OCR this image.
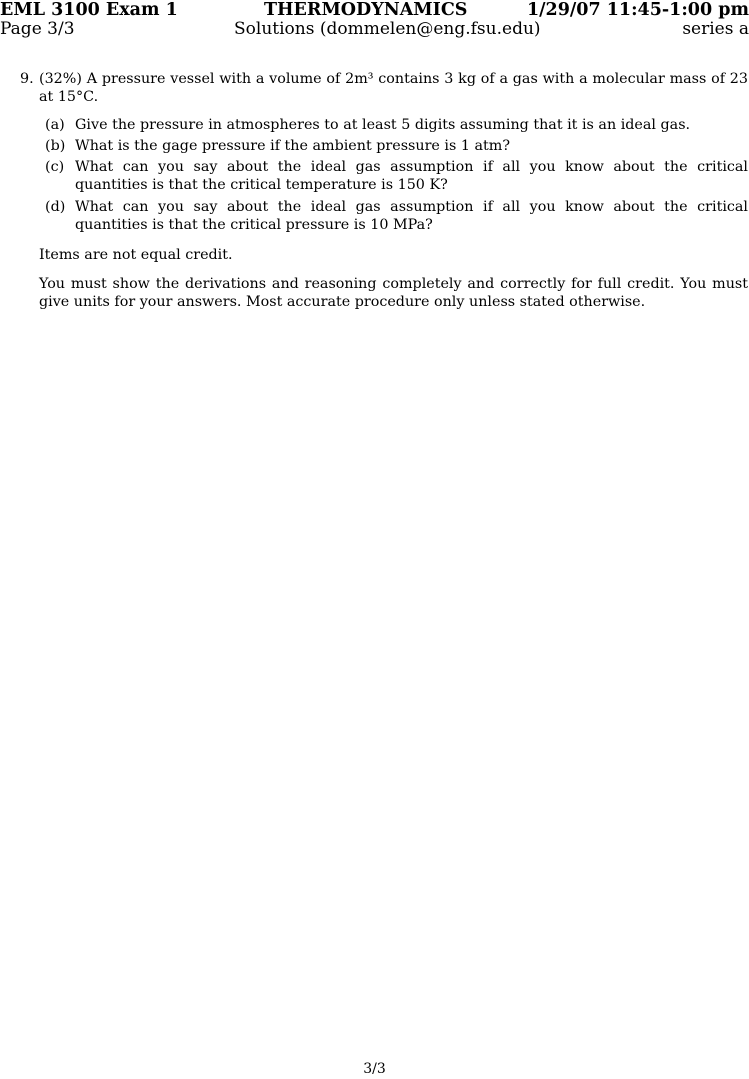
EML 3100 Exam 1	THERMODYNAMICS	1/29/07 11:45-1:00 pm
Page 3/3	Solutions (dommelen@eng.fsu.edu)	series a
9. (32%) A pressure vessel with a volume of 2m³ contains 3 kg of a gas with a molecular mass of 23 at 15°C.
(a) Give the pressure in atmospheres to at least 5 digits assuming that it is an ideal gas.
(b) What is the gage pressure if the ambient pressure is 1 atm?
(c) What can you say about the ideal gas assumption if all you know about the critical quantities is that the critical temperature is 150 K?
(d) What can you say about the ideal gas assumption if all you know about the critical quantities is that the critical pressure is 10 MPa?

Items are not equal credit.

You must show the derivations and reasoning completely and correctly for full credit. You must give units for your answers. Most accurate procedure only unless stated otherwise.

3/3
